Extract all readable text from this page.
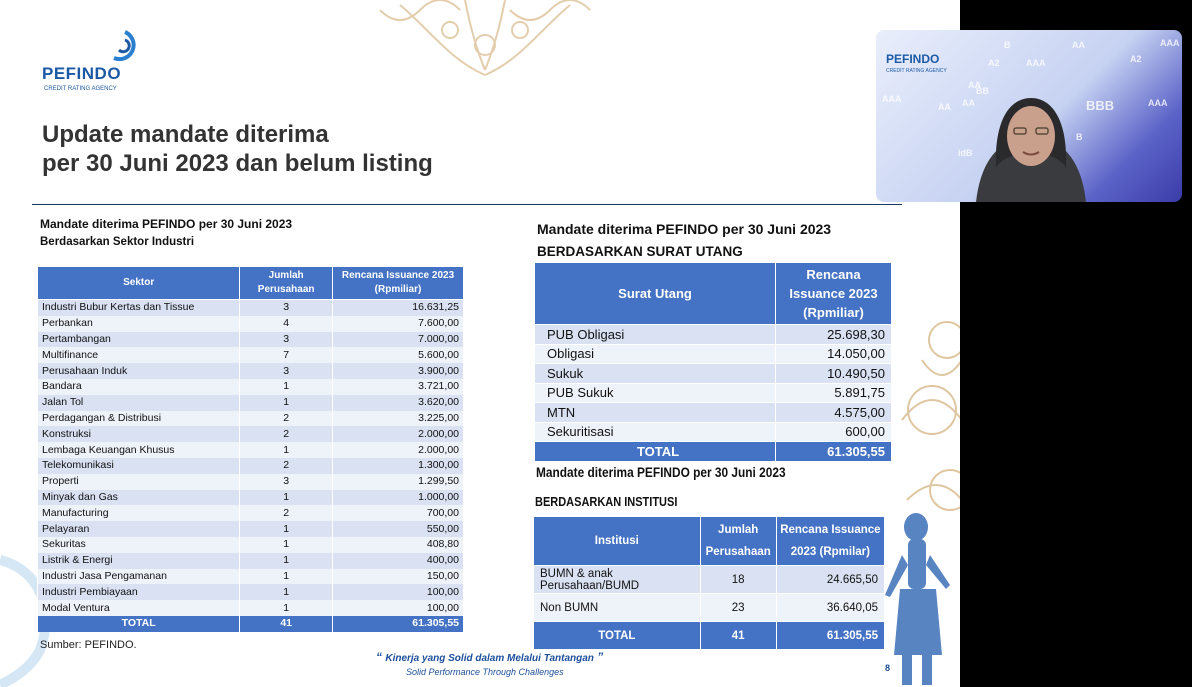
PEFINDO
CREDIT RATING AGENCY
Update mandate diterima
per 30 Juni 2023 dan belum listing
Mandate diterima PEFINDO per 30 Juni 2023
Berdasarkan Sektor Industri
Sektor	Jumlah Perusahaan	Rencana Issuance 2023 (Rpmiliar)
Industri Bubur Kertas dan Tissue	3	16.631,25
Perbankan	4	7.600,00
Pertambangan	3	7.000,00
Multifinance	7	5.600,00
Perusahaan Induk	3	3.900,00
Bandara	1	3.721,00
Jalan Tol	1	3.620,00
Perdagangan & Distribusi	2	3.225,00
Konstruksi	2	2.000,00
Lembaga Keuangan Khusus	1	2.000,00
Telekomunikasi	2	1.300,00
Properti	3	1.299,50
Minyak dan Gas	1	1.000,00
Manufacturing	2	700,00
Pelayaran	1	550,00
Sekuritas	1	408,80
Listrik & Energi	1	400,00
Industri Jasa Pengamanan	1	150,00
Industri Pembiayaan	1	100,00
Modal Ventura	1	100,00
TOTAL	41	61.305,55
Mandate diterima PEFINDO per 30 Juni 2023
BERDASARKAN SURAT UTANG
Surat Utang	Rencana Issuance 2023 (Rpmiliar)
PUB Obligasi	25.698,30
Obligasi	14.050,00
Sukuk	10.490,50
PUB Sukuk	5.891,75
MTN	4.575,00
Sekuritisasi	600,00
TOTAL	61.305,55
Mandate diterima PEFINDO per 30 Juni 2023
BERDASARKAN INSTITUSI
Institusi	Jumlah Perusahaan	Rencana Issuance 2023 (Rpmilar)
BUMN & anak Perusahaan/BUMD	18	24.665,50
Non BUMN	23	36.640,05
TOTAL	41	61.305,55
Sumber: PEFINDO.
“ Kinerja yang Solid dalam Melalui Tantangan ”
Solid Performance Through Challenges	8
PEFINDO
CREDIT RATING AGENCY
AA
A2	AAA
BBB
AA
A2
AAA
AA
BB
B
AAA
AA
B
idB
AAA
